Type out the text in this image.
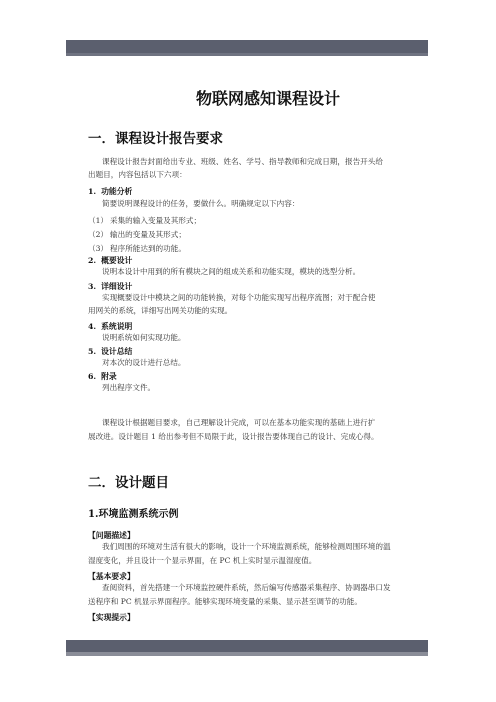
物联网感知课程设计
一．课程设计报告要求
课程设计报告封面给出专业、班级、姓名、学号、指导教师和完成日期，报告开头给
出题目，内容包括以下六项：
1. 功能分析
简要说明课程设计的任务，要做什么。明确规定以下内容：
（1） 采集的输入变量及其形式；
（2） 输出的变量及其形式；
（3） 程序所能达到的功能。
2. 概要设计
说明本设计中用到的所有模块之间的组成关系和功能实现，模块的选型分析。
3. 详细设计
实现概要设计中模块之间的功能转换，对每个功能实现写出程序流图；对于配合使
用网关的系统，详细写出网关功能的实现。
4. 系统说明
说明系统如何实现功能。
5. 设计总结
对本次的设计进行总结。
6. 附录
列出程序文件。
课程设计根据题目要求，自己理解设计完成，可以在基本功能实现的基础上进行扩
展改进。设计题目 1 给出参考但不局限于此，设计报告要体现自己的设计、完成心得。
二．设计题目
1.环境监测系统示例
【问题描述】
我们周围的环境对生活有很大的影响，设计一个环境监测系统，能够检测周围环境的温
湿度变化，并且设计一个显示界面，在 PC 机上实时显示温湿度值。
【基本要求】
查阅资料，首先搭建一个环境监控硬件系统，然后编写传感器采集程序、协调器串口发
送程序和 PC 机显示界面程序。能够实现环境变量的采集、显示甚至调节的功能。
【实现提示】
